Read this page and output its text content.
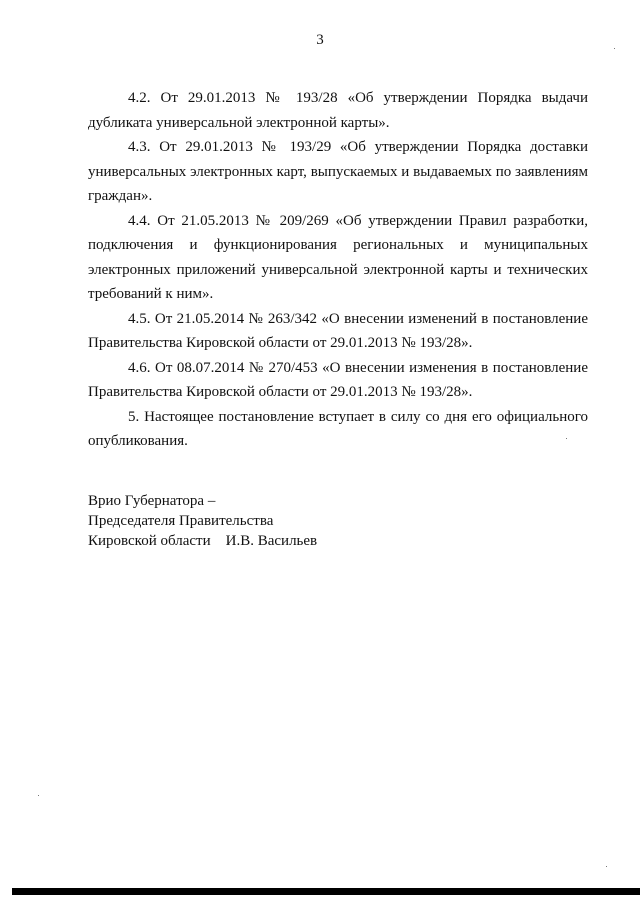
3

4.2. От 29.01.2013 № 193/28 «Об утверждении Порядка выдачи дубликата универсальной электронной карты».

4.3. От 29.01.2013 № 193/29 «Об утверждении Порядка доставки универсальных электронных карт, выпускаемых и выдаваемых по заявлениям граждан».

4.4. От 21.05.2013 № 209/269 «Об утверждении Правил разработки, подключения и функционирования региональных и муниципальных электронных приложений универсальной электронной карты и технических требований к ним».

4.5. От 21.05.2014 № 263/342 «О внесении изменений в постановление Правительства Кировской области от 29.01.2013 № 193/28».

4.6. От 08.07.2014 № 270/453 «О внесении изменения в постановление Правительства Кировской области от 29.01.2013 № 193/28».

5. Настоящее постановление вступает в силу со дня его официального опубликования.

Врио Губернатора –
Председателя Правительства
Кировской области    И.В. Васильев
